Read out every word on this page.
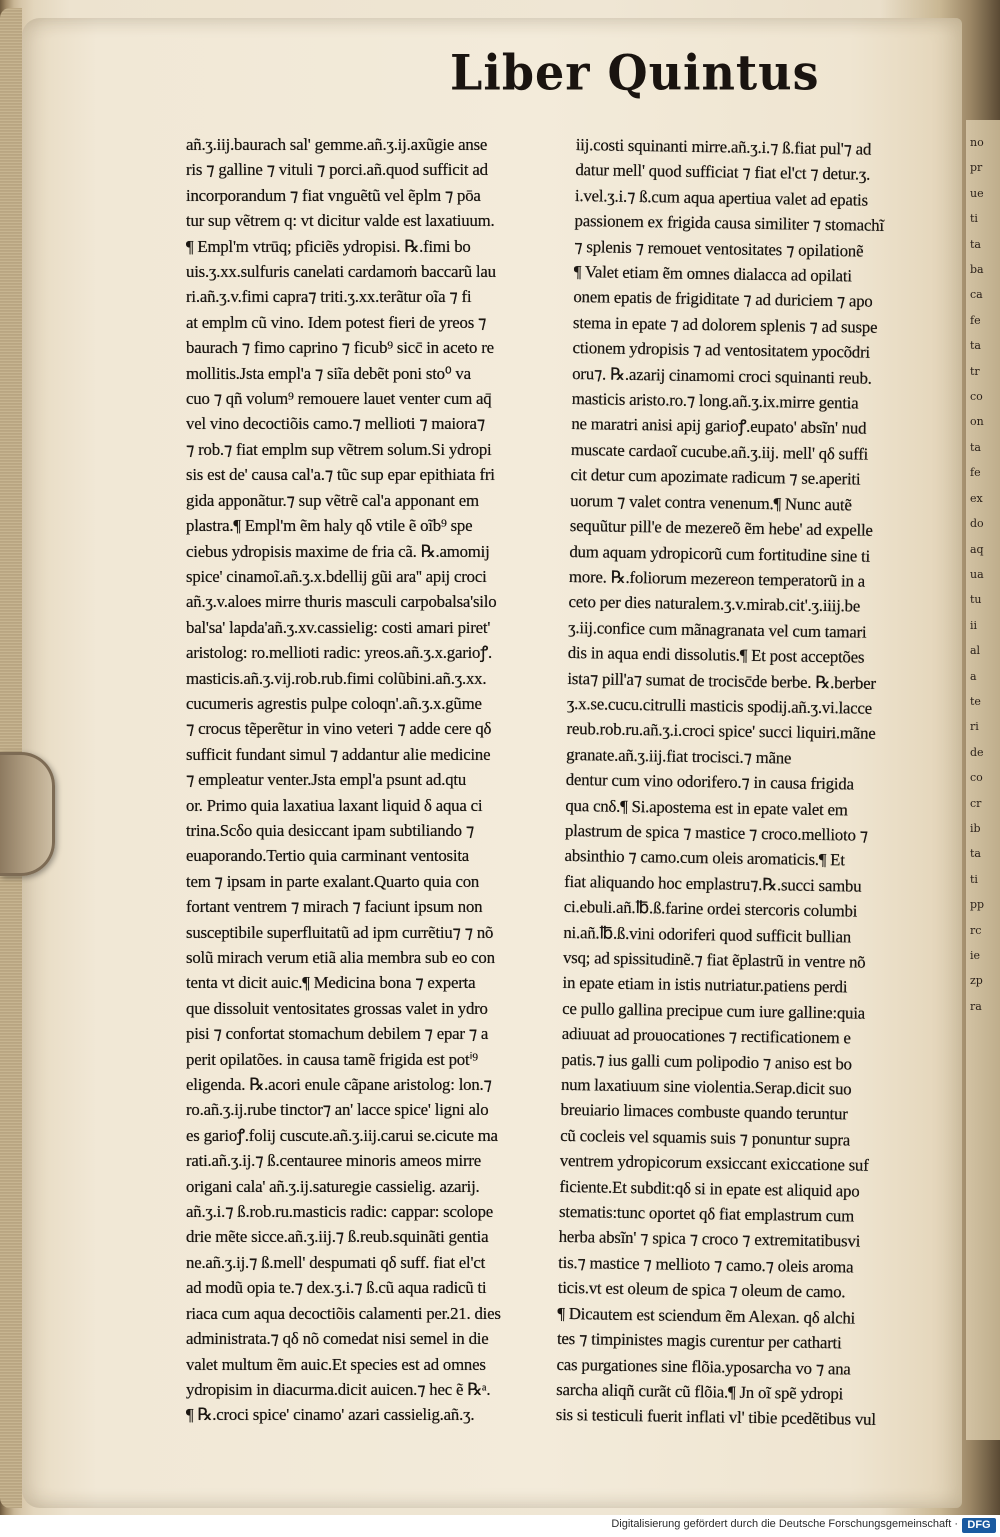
Liber Quintus
añ.ʒ.iij.baurach sal' gemme.añ.ʒ.ij.axũgie anse
ris ⁊ galline ⁊ vituli ⁊ porci.añ.quod sufficit ad
incorporandum ⁊ fiat vnguẽtũ vel ẽplm ⁊ pōa
tur sup vẽtrem q: vt dicitur valde est laxatiuum.
¶ Empl'm vtrūq; pficiẽs ydropisi. ℞.fimi bo
uis.ʒ.xx.sulfuris canelati cardamoṁ baccarũ lau
ri.añ.ʒ.v.fimi capra⁊ triti.ʒ.xx.terãtur oĩa ⁊ fi
at emplm cũ vino. Idem potest fieri de yreos ⁊
baurach ⁊ fimo caprino ⁊ ficub⁹ sicc̄ in aceto re
mollitis.Jsta empl'a ⁊ siĩa debẽt poni sto⁰ va
cuo ⁊ qñ volum⁹ remouere lauet venter cum aq̄
vel vino decoctiõis camo.⁊ mellioti ⁊ maiora⁊
⁊ rob.⁊ fiat emplm sup vẽtrem solum.Si ydropi
sis est de' causa cal'a.⁊ tũc sup epar epithiata fri
gida apponãtur.⁊ sup vẽtrẽ cal'a apponant em
plastra.¶ Empl'm ẽm haly qδ vtile ẽ oĩb⁹ spe
ciebus ydropisis maxime de fria cã. ℞.amomij
spice' cinamoĩ.añ.ʒ.x.bdellij gũi ara'' apij croci
añ.ʒ.v.aloes mirre thuris masculi carpobalsa'silo
bal'sa' lapda'añ.ʒ.xv.cassielig: costi amari piret'
aristolog: ro.mellioti radic: yreos.añ.ʒ.x.garioꝭ.
masticis.añ.ʒ.vij.rob.rub.fimi colũbini.añ.ʒ.xx.
cucumeris agrestis pulpe coloqn'.añ.ʒ.x.gũme
⁊ crocus tẽperẽtur in vino veteri ⁊ adde cere qδ
sufficit fundant simul ⁊ addantur alie medicine
⁊ empleatur venter.Jsta empl'a psunt ad.qtu
or. Primo quia laxatiua laxant liquid δ aqua ci
trina.Scδo quia desiccant ipam subtiliando ⁊
euaporando.Tertio quia carminant ventosita
tem ⁊ ipsam in parte exalant.Quarto quia con
fortant ventrem ⁊ mirach ⁊ faciunt ipsum non
susceptibile superfluitatũ ad ipm currẽtiu⁊ ⁊ nõ
solũ mirach verum etiã alia membra sub eo con
tenta vt dicit auic.¶ Medicina bona ⁊ experta
que dissoluit ventositates grossas valet in ydro
pisi ⁊ confortat stomachum debilem ⁊ epar ⁊ a
perit opilatões. in causa tamẽ frigida est potⁱ⁹
eligenda. ℞.acori enule cãpane aristolog: lon.⁊
ro.añ.ʒ.ij.rube tinctor⁊ an' lacce spice' ligni alo
es garioꝭ.folij cuscute.añ.ʒ.iij.carui se.cicute ma
rati.añ.ʒ.ij.⁊ ß.centauree minoris ameos mirre
origani cala' añ.ʒ.ij.saturegie cassielig. azarij.
añ.ʒ.i.⁊ ß.rob.ru.masticis radic: cappar: scolope
drie mẽte sicce.añ.ʒ.iij.⁊ ß.reub.squinãti gentia
ne.añ.ʒ.ij.⁊ ß.mell' despumati qδ suff. fiat el'ct
ad modũ opia te.⁊ dex.ʒ.i.⁊ ß.cũ aqua radicũ ti
riaca cum aqua decoctiõis calamenti per.21. dies
administrata.⁊ qδ nõ comedat nisi semel in die
valet multum ẽm auic.Et species est ad omnes
ydropisim in diacurma.dicit auicen.⁊ hec ẽ ℞ᵃ.
¶ ℞.croci spice' cinamo' azari cassielig.añ.ʒ.
iij.costi squinanti mirre.añ.ʒ.i.⁊ ß.fiat pul'⁊ ad
datur mell' quod sufficiat ⁊ fiat el'ct ⁊ detur.ʒ.
i.vel.ʒ.i.⁊ ß.cum aqua apertiua valet ad epatis
passionem ex frigida causa similiter ⁊ stomachĩ
⁊ splenis ⁊ remouet ventositates ⁊ opilationẽ
¶ Valet etiam ẽm omnes dialacca ad opilati
onem epatis de frigiditate ⁊ ad duriciem ⁊ apo
stema in epate ⁊ ad dolorem splenis ⁊ ad suspe
ctionem ydropisis ⁊ ad ventositatem ypocõdri
oru⁊. ℞.azarij cinamomi croci squinanti reub.
masticis aristo.ro.⁊ long.añ.ʒ.ix.mirre gentia
ne maratri anisi apij garioꝭ.eupato' absĩn' nud
muscate cardaoĩ cucube.añ.ʒ.iij. mell' qδ suffi
cit detur cum apozimate radicum ⁊ se.aperiti
uorum ⁊ valet contra venenum.¶ Nunc autẽ
sequũtur pill'e de mezereõ ẽm hebe' ad expelle
dum aquam ydropicorũ cum fortitudine sine ti
more. ℞.foliorum mezereon temperatorũ in a
ceto per dies naturalem.ʒ.v.mirab.cit'.ʒ.iiij.be
ʒ.iij.confice cum mãnagranata vel cum tamari
dis in aqua endi dissolutis.¶ Et post acceptões
ista⁊ pill'a⁊ sumat de trocisc̄de berbe. ℞.berber
ʒ.x.se.cucu.citrulli masticis spodij.añ.ʒ.vi.lacce
reub.rob.ru.añ.ʒ.i.croci spice' succi liquiri.mãne
granate.añ.ʒ.iij.fiat trocisci.⁊ mãne
dentur cum vino odorifero.⁊ in causa frigida
qua cnδ.¶ Si.apostema est in epate valet em
plastrum de spica ⁊ mastice ⁊ croco.mellioto ⁊
absinthio ⁊ camo.cum oleis aromaticis.¶ Et
fiat aliquando hoc emplastru⁊.℞.succi sambu
ci.ebuli.añ.℔.ß.farine ordei stercoris columbi
ni.añ.℔.ß.vini odoriferi quod sufficit bullian
vsq; ad spissitudinẽ.⁊ fiat ẽplastrũ in ventre nõ
in epate etiam in istis nutriatur.patiens perdi
ce pullo gallina precipue cum iure galline:quia
adiuuat ad prouocationes ⁊ rectificationem e
patis.⁊ ius galli cum polipodio ⁊ aniso est bo
num laxatiuum sine violentia.Serap.dicit suo
breuiario limaces combuste quando teruntur
cũ cocleis vel squamis suis ⁊ ponuntur supra
ventrem ydropicorum exsiccant exiccatione suf
ficiente.Et subdit:qδ si in epate est aliquid apo
stematis:tunc oportet qδ fiat emplastrum cum
herba absĩn' ⁊ spica ⁊ croco ⁊ extremitatibusvi
tis.⁊ mastice ⁊ mellioto ⁊ camo.⁊ oleis aroma
ticis.vt est oleum de spica ⁊ oleum de camo.
¶ Dicautem est sciendum ẽm Alexan. qδ alchi
tes ⁊ timpinistes magis curentur per catharti
cas purgationes sine flõia.yposarcha vo ⁊ ana
sarcha aliqñ curãt cũ flõia.¶ Jn oĩ spẽ ydropi
sis si testiculi fuerit inflati vl' tibie pcedẽtibus vul
no
pr
ue
ti
ta
ba
ca
fe
ta
tr
co
on
ta
fe
ex
do
aq
ua
tu
ii
al
a
te
ri
de
co
cr
ib
ta
ti
pp
rc
ie
zp
ra
Digitalisierung gefördert durch die Deutsche Forschungsgemeinschaft · DFG
